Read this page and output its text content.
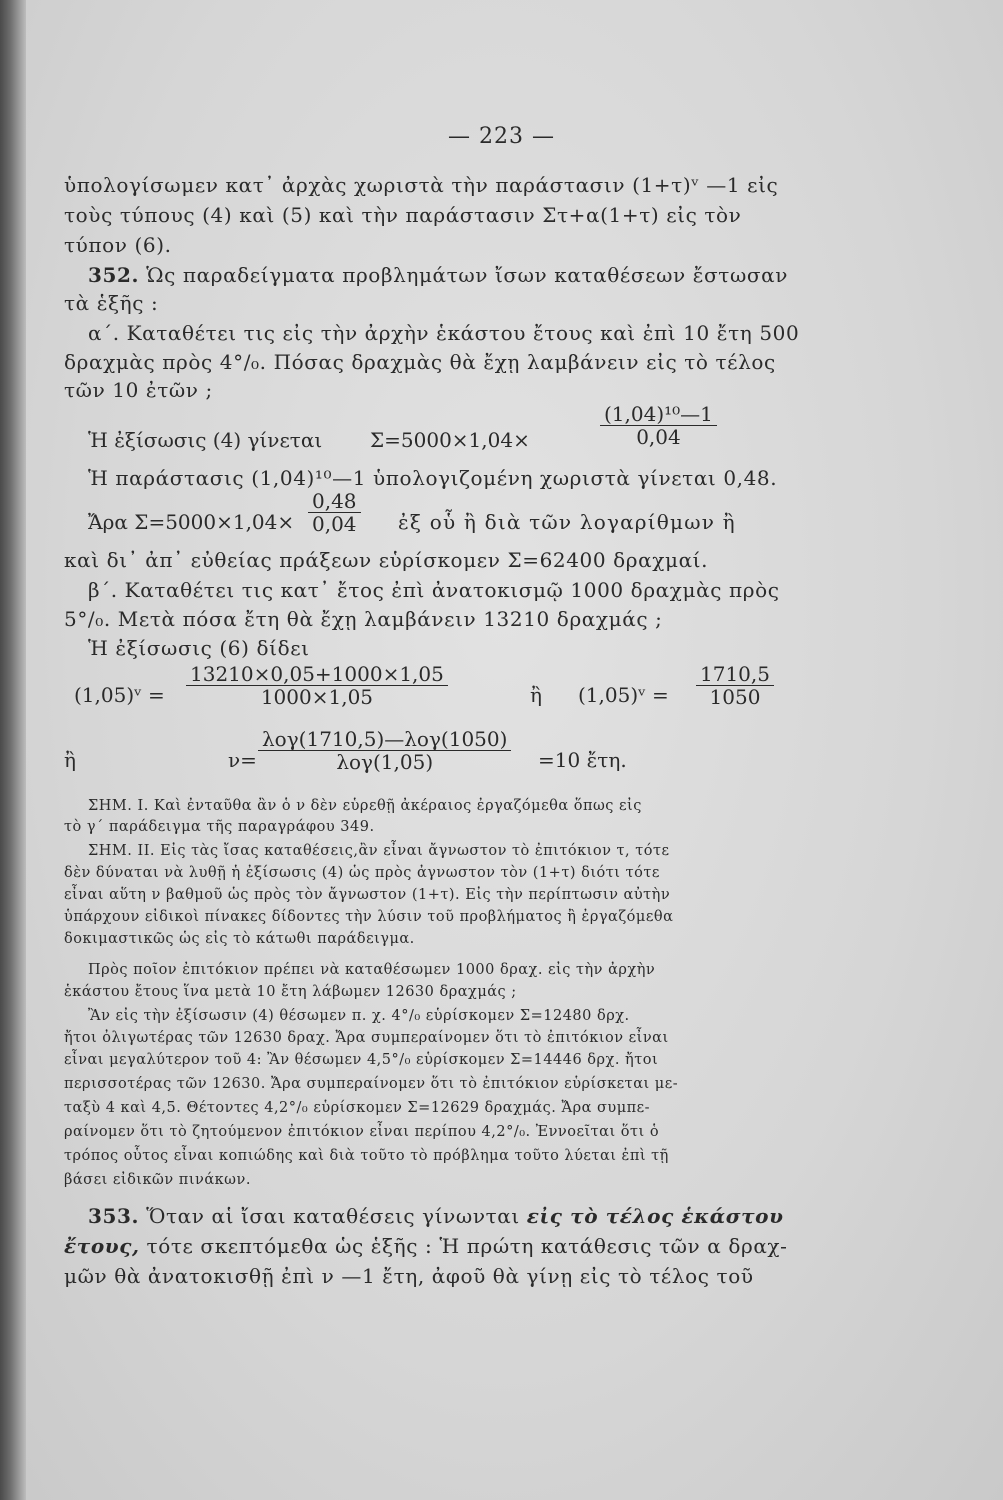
— 223 —
ὑπολογίσωμεν κατ᾽ ἀρχὰς χωριστὰ τὴν παράστασιν (1+τ)ᵛ —1 εἰς
τοὺς τύπους (4) καὶ (5) καὶ τὴν παράστασιν Στ+α(1+τ) εἰς τὸν
τύπον (6).
352. Ὡς παραδείγματα προβλημάτων ἴσων καταθέσεων ἔστωσαν
τὰ ἑξῆς :
α΄. Καταθέτει τις εἰς τὴν ἀρχὴν ἑκάστου ἔτους καὶ ἐπὶ 10 ἔτη 500
δραχμὰς πρὸς 4°/₀. Πόσας δραχμὰς θὰ ἔχῃ λαμβάνειν εἰς τὸ τέλος
τῶν 10 ἐτῶν ;
Ἡ ἐξίσωσις (4) γίνεται Σ=5000×1,04×	$\frac{\text{(1,04)¹⁰—1}}{0,04}$
Ἡ παράστασις (1,04)¹⁰—1 ὑπολογιζομένη χωριστὰ γίνεται 0,48.
Ἄρα $\Sigma=5000\times 1,04\times \frac{0,48}{0,04}$ ἐξ οὗ ἢ διὰ τῶν λογαρίθμων ἢ
καὶ δι᾽ ἀπ᾽ εὐθείας πράξεων εὑρίσκομεν Σ=62400 δραχμαί.
β΄. Καταθέτει τις κατ᾽ ἔτος ἐπὶ ἀνατοκισμῷ 1000 δραχμὰς πρὸς
5°/₀. Μετὰ πόσα ἔτη θὰ ἔχῃ λαμβάνειν 13210 δραχμάς ;
Ἡ ἐξίσωσις (6) δίδει
(1,05)ᵛ = $\frac{13210\times 0,05+1000\times 1,05}{1000\times 1,05}$	ἢ (1,05)ᵛ = $\frac{1710,5}{1050}$
ἢ	$\nu= \frac{\text{λογ(1710,5)—λογ(1050)}}{\text{λογ(1,05)}} =10$ ἔτη.
ΣΗΜ. Ι. Καὶ ἐνταῦθα ἂν ὁ ν δὲν εὑρεθῇ ἀκέραιος ἐργαζόμεθα ὅπως εἰς
τὸ γ΄ παράδειγμα τῆς παραγράφου 349.
ΣΗΜ. ΙΙ. Εἰς τὰς ἴσας καταθέσεις,ἂν εἶναι ἄγνωστον τὸ ἐπιτόκιον τ, τότε
δὲν δύναται νὰ λυθῇ ἡ ἐξίσωσις (4) ὡς πρὸς ἀγνωστον τὸν (1+τ) διότι τότε
εἶναι αὕτη ν βαθμοῦ ὡς πρὸς τὸν ἄγνωστον (1+τ). Εἰς τὴν περίπτωσιν αὐτὴν
ὑπάρχουν εἰδικοὶ πίνακες δίδοντες τὴν λύσιν τοῦ προβλήματος ἢ ἐργαζόμεθα
δοκιμαστικῶς ὡς εἰς τὸ κάτωθι παράδειγμα.
Πρὸς ποῖον ἐπιτόκιον πρέπει νὰ καταθέσωμεν 1000 δραχ. εἰς τὴν ἀρχὴν
ἑκάστου ἔτους ἵνα μετὰ 10 ἔτη λάβωμεν 12630 δραχμάς ;
Ἂν εἰς τὴν ἐξίσωσιν (4) θέσωμεν π. χ. 4°/₀ εὑρίσκομεν Σ=12480 δρχ.
ἤτοι ὀλιγωτέρας τῶν 12630 δραχ. Ἄρα συμπεραίνομεν ὅτι τὸ ἐπιτόκιον εἶναι
εἶναι μεγαλύτερον τοῦ 4: Ἂν θέσωμεν 4,5°/₀ εὑρίσκομεν Σ=14446 δρχ. ἤτοι
περισσοτέρας τῶν 12630. Ἄρα συμπεραίνομεν ὅτι τὸ ἐπιτόκιον εὑρίσκεται με-
ταξὺ 4 καὶ 4,5. Θέτοντες 4,2°/₀ εὑρίσκομεν Σ=12629 δραχμάς. Ἄρα συμπε-
ραίνομεν ὅτι τὸ ζητούμενον ἐπιτόκιον εἶναι περίπου 4,2°/₀. Ἐννοεῖται ὅτι ὁ
τρόπος οὗτος εἶναι κοπιώδης καὶ διὰ τοῦτο τὸ πρόβλημα τοῦτο λύεται ἐπὶ τῇ
βάσει εἰδικῶν πινάκων.
353. Ὅταν αἱ ἴσαι καταθέσεις γίνωνται εἰς τὸ τέλος ἑκάστου
ἔτους, τότε σκεπτόμεθα ὡς ἑξῆς : Ἡ πρώτη κατάθεσις τῶν α δραχ-
μῶν θὰ ἀνατοκισθῇ ἐπὶ ν —1 ἔτη, ἀφοῦ θὰ γίνῃ εἰς τὸ τέλος τοῦ
